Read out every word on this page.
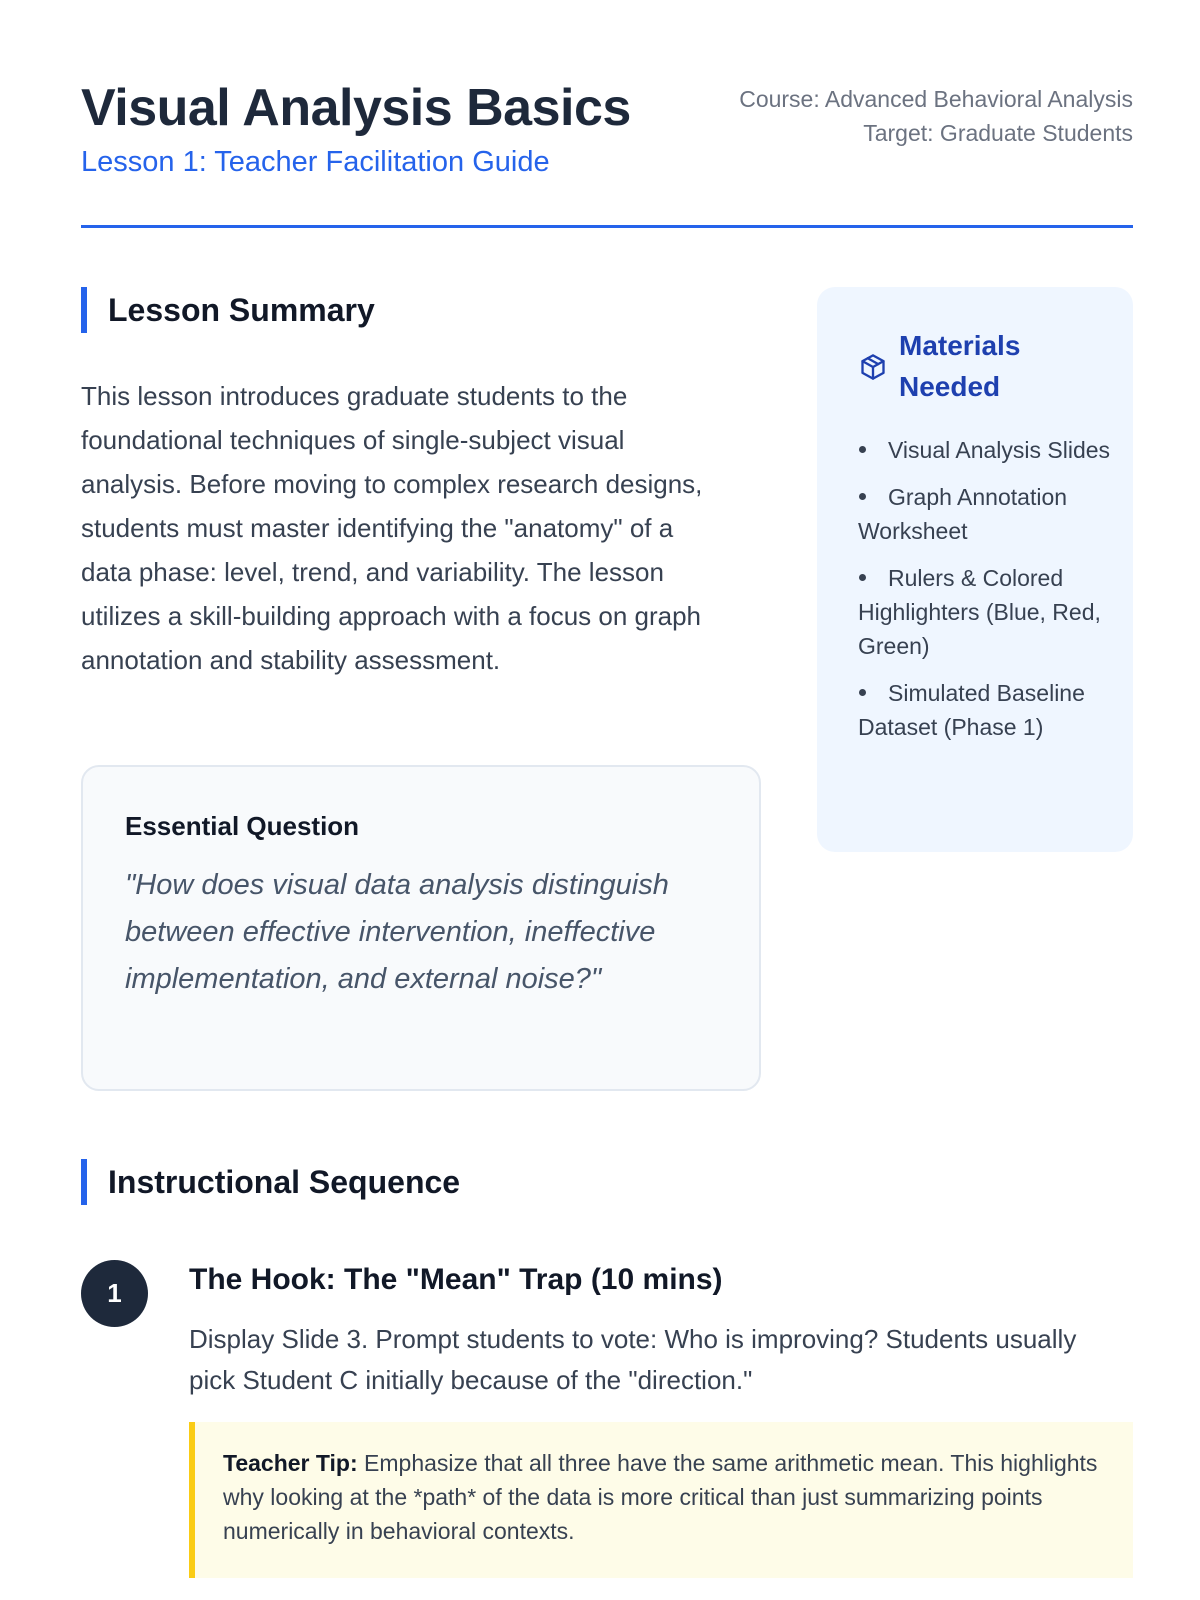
Visual Analysis Basics
Lesson 1: Teacher Facilitation Guide
Course: Advanced Behavioral Analysis
Target: Graduate Students
Lesson Summary

This lesson introduces graduate students to the foundational techniques of single-subject visual analysis. Before moving to complex research designs, students must master identifying the "anatomy" of a data phase: level, trend, and variability. The lesson utilizes a skill-building approach with a focus on graph annotation and stability assessment.

Essential Question
"How does visual data analysis distinguish between effective intervention, ineffective implementation, and external noise?"
Materials Needed
Visual Analysis Slides
Graph Annotation Worksheet
Rulers & Colored Highlighters (Blue, Red, Green)
Simulated Baseline Dataset (Phase 1)
Instructional Sequence
1	The Hook: The "Mean" Trap (10 mins)

Display Slide 3. Prompt students to vote: Who is improving? Students usually pick Student C initially because of the "direction."

Teacher Tip: Emphasize that all three have the same arithmetic mean. This highlights why looking at the *path* of the data is more critical than just summarizing points numerically in behavioral contexts.
